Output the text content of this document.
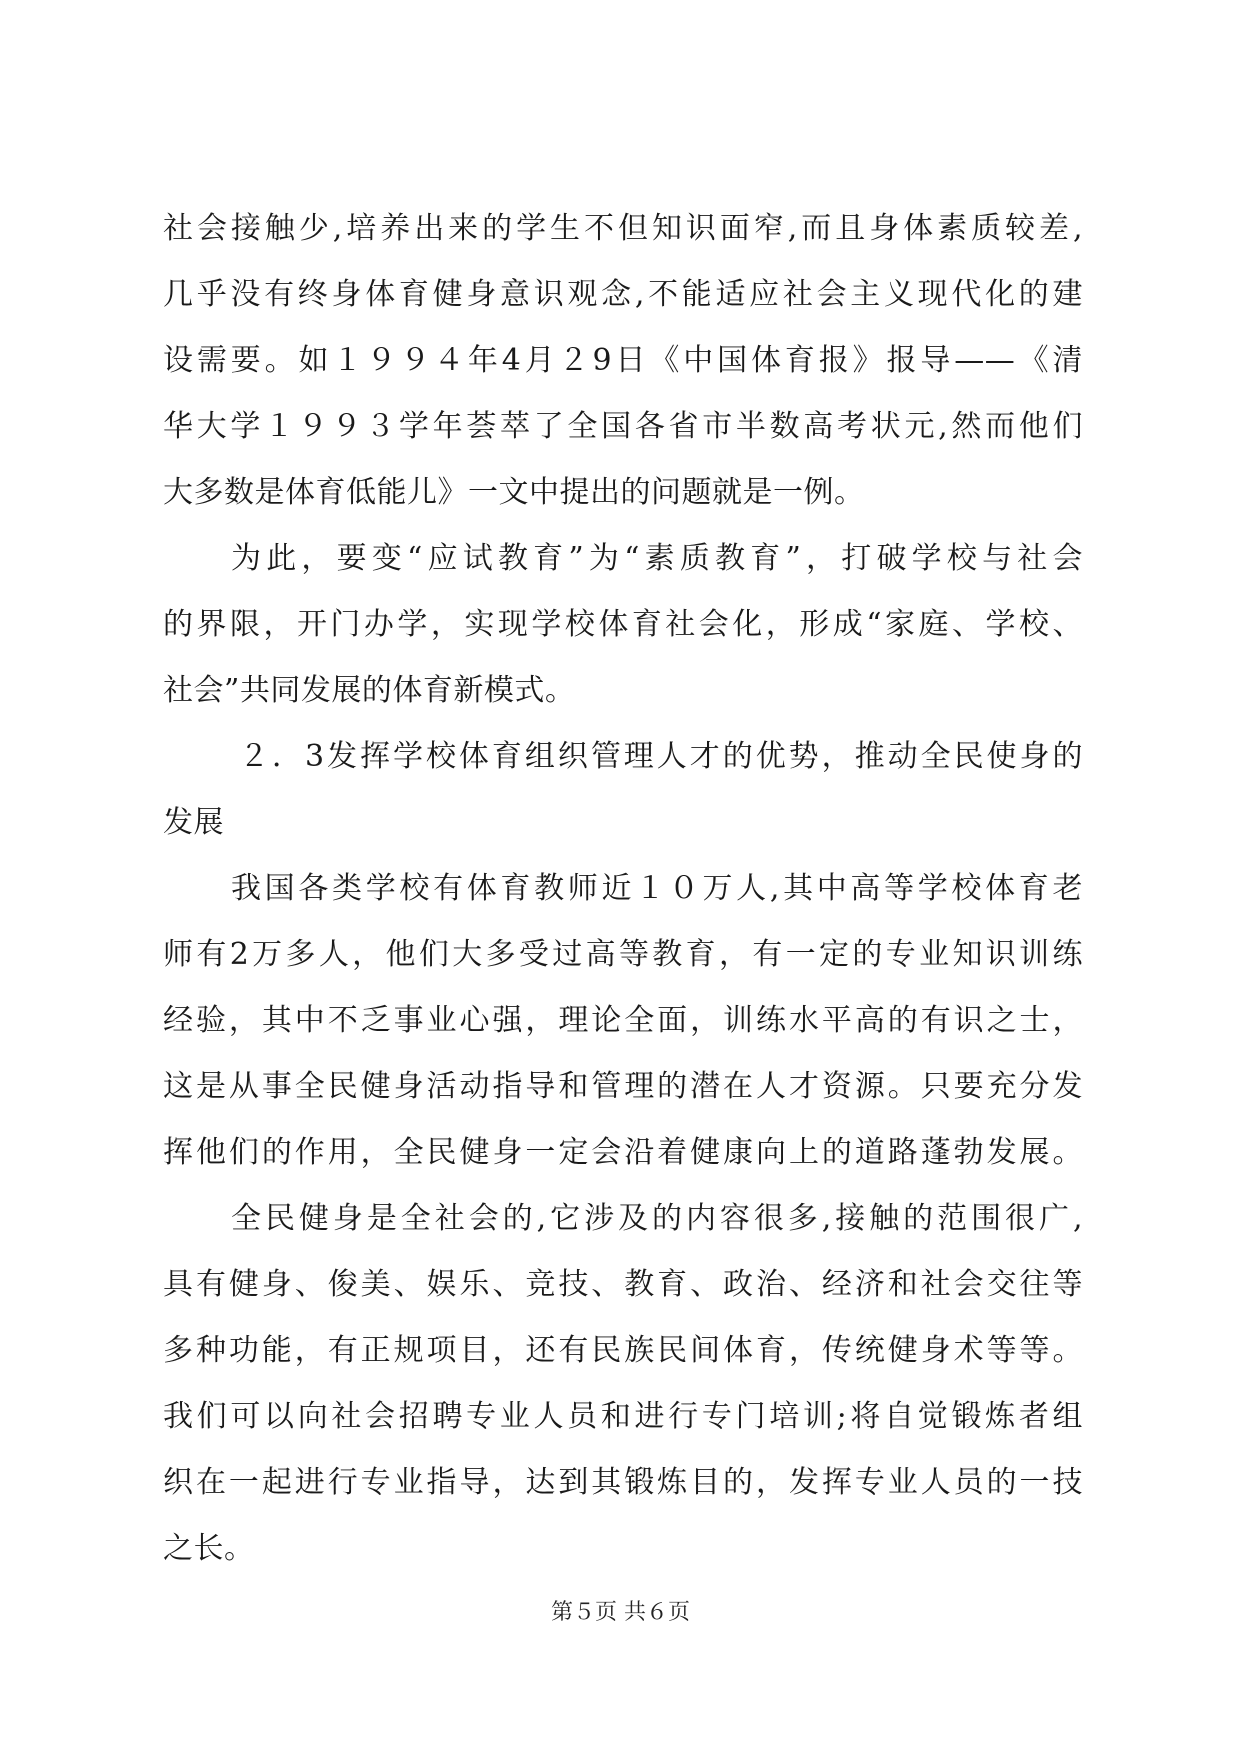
社会接触少,培养出来的学生不但知识面窄,而且身体素质较差,
几乎没有终身体育健身意识观念,不能适应社会主义现代化的建
设需要。如１９９４年4月２9日《中国体育报》报导——《清
华大学１９９３学年荟萃了全国各省市半数高考状元,然而他们
大多数是体育低能儿》一文中提出的问题就是一例。
为此，要变“应试教育”为“素质教育”，打破学校与社会
的界限，开门办学，实现学校体育社会化，形成“家庭、学校、
社会”共同发展的体育新模式。
２．3发挥学校体育组织管理人才的优势，推动全民使身的
发展
我国各类学校有体育教师近１０万人,其中高等学校体育老
师有2万多人，他们大多受过高等教育，有一定的专业知识训练
经验，其中不乏事业心强，理论全面，训练水平高的有识之士，
这是从事全民健身活动指导和管理的潜在人才资源。只要充分发
挥他们的作用，全民健身一定会沿着健康向上的道路蓬勃发展。
全民健身是全社会的,它涉及的内容很多,接触的范围很广,
具有健身、俊美、娱乐、竞技、教育、政治、经济和社会交往等
多种功能，有正规项目，还有民族民间体育，传统健身术等等。
我们可以向社会招聘专业人员和进行专门培训;将自觉锻炼者组
织在一起进行专业指导，达到其锻炼目的，发挥专业人员的一技
之长。
第５页 共６页
